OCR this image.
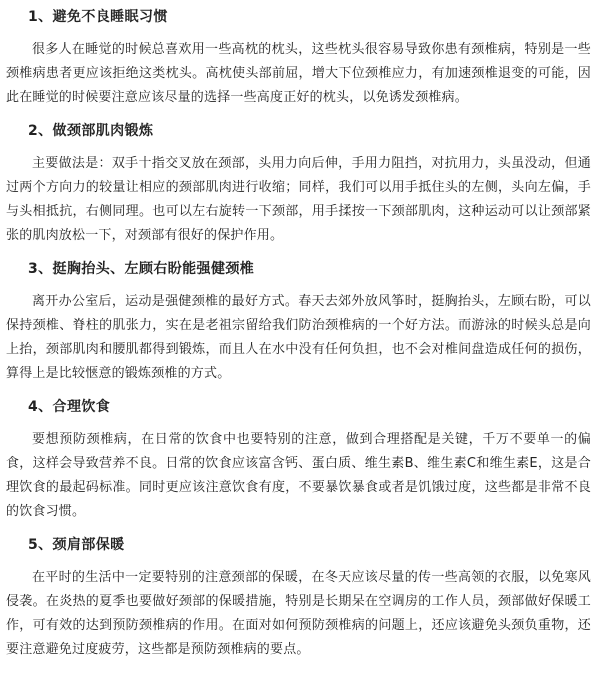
1、避免不良睡眠习惯

很多人在睡觉的时候总喜欢用一些高枕的枕头，这些枕头很容易导致你患有颈椎病，特别是一些颈椎病患者更应该拒绝这类枕头。高枕使头部前屈，增大下位颈椎应力，有加速颈椎退变的可能，因此在睡觉的时候要注意应该尽量的选择一些高度正好的枕头，以免诱发颈椎病。

2、做颈部肌肉锻炼

主要做法是：双手十指交叉放在颈部，头用力向后伸，手用力阻挡，对抗用力，头虽没动，但通过两个方向力的较量让相应的颈部肌肉进行收缩；同样，我们可以用手抵住头的左侧，头向左偏，手与头相抵抗，右侧同理。也可以左右旋转一下颈部，用手揉按一下颈部肌肉，这种运动可以让颈部紧张的肌肉放松一下，对颈部有很好的保护作用。

3、挺胸抬头、左顾右盼能强健颈椎

离开办公室后，运动是强健颈椎的最好方式。春天去郊外放风筝时，挺胸抬头，左顾右盼，可以保持颈椎、脊柱的肌张力，实在是老祖宗留给我们防治颈椎病的一个好方法。而游泳的时候头总是向上抬，颈部肌肉和腰肌都得到锻炼，而且人在水中没有任何负担，也不会对椎间盘造成任何的损伤，算得上是比较惬意的锻炼颈椎的方式。

4、合理饮食

要想预防颈椎病，在日常的饮食中也要特别的注意，做到合理搭配是关键，千万不要单一的偏食，这样会导致营养不良。日常的饮食应该富含钙、蛋白质、维生素B、维生素C和维生素E，这是合理饮食的最起码标准。同时更应该注意饮食有度，不要暴饮暴食或者是饥饿过度，这些都是非常不良的饮食习惯。

5、颈肩部保暖

在平时的生活中一定要特别的注意颈部的保暖，在冬天应该尽量的传一些高领的衣服，以免寒风侵袭。在炎热的夏季也要做好颈部的保暖措施，特别是长期呆在空调房的工作人员，颈部做好保暖工作，可有效的达到预防颈椎病的作用。在面对如何预防颈椎病的问题上，还应该避免头颈负重物，还要注意避免过度疲劳，这些都是预防颈椎病的要点。
